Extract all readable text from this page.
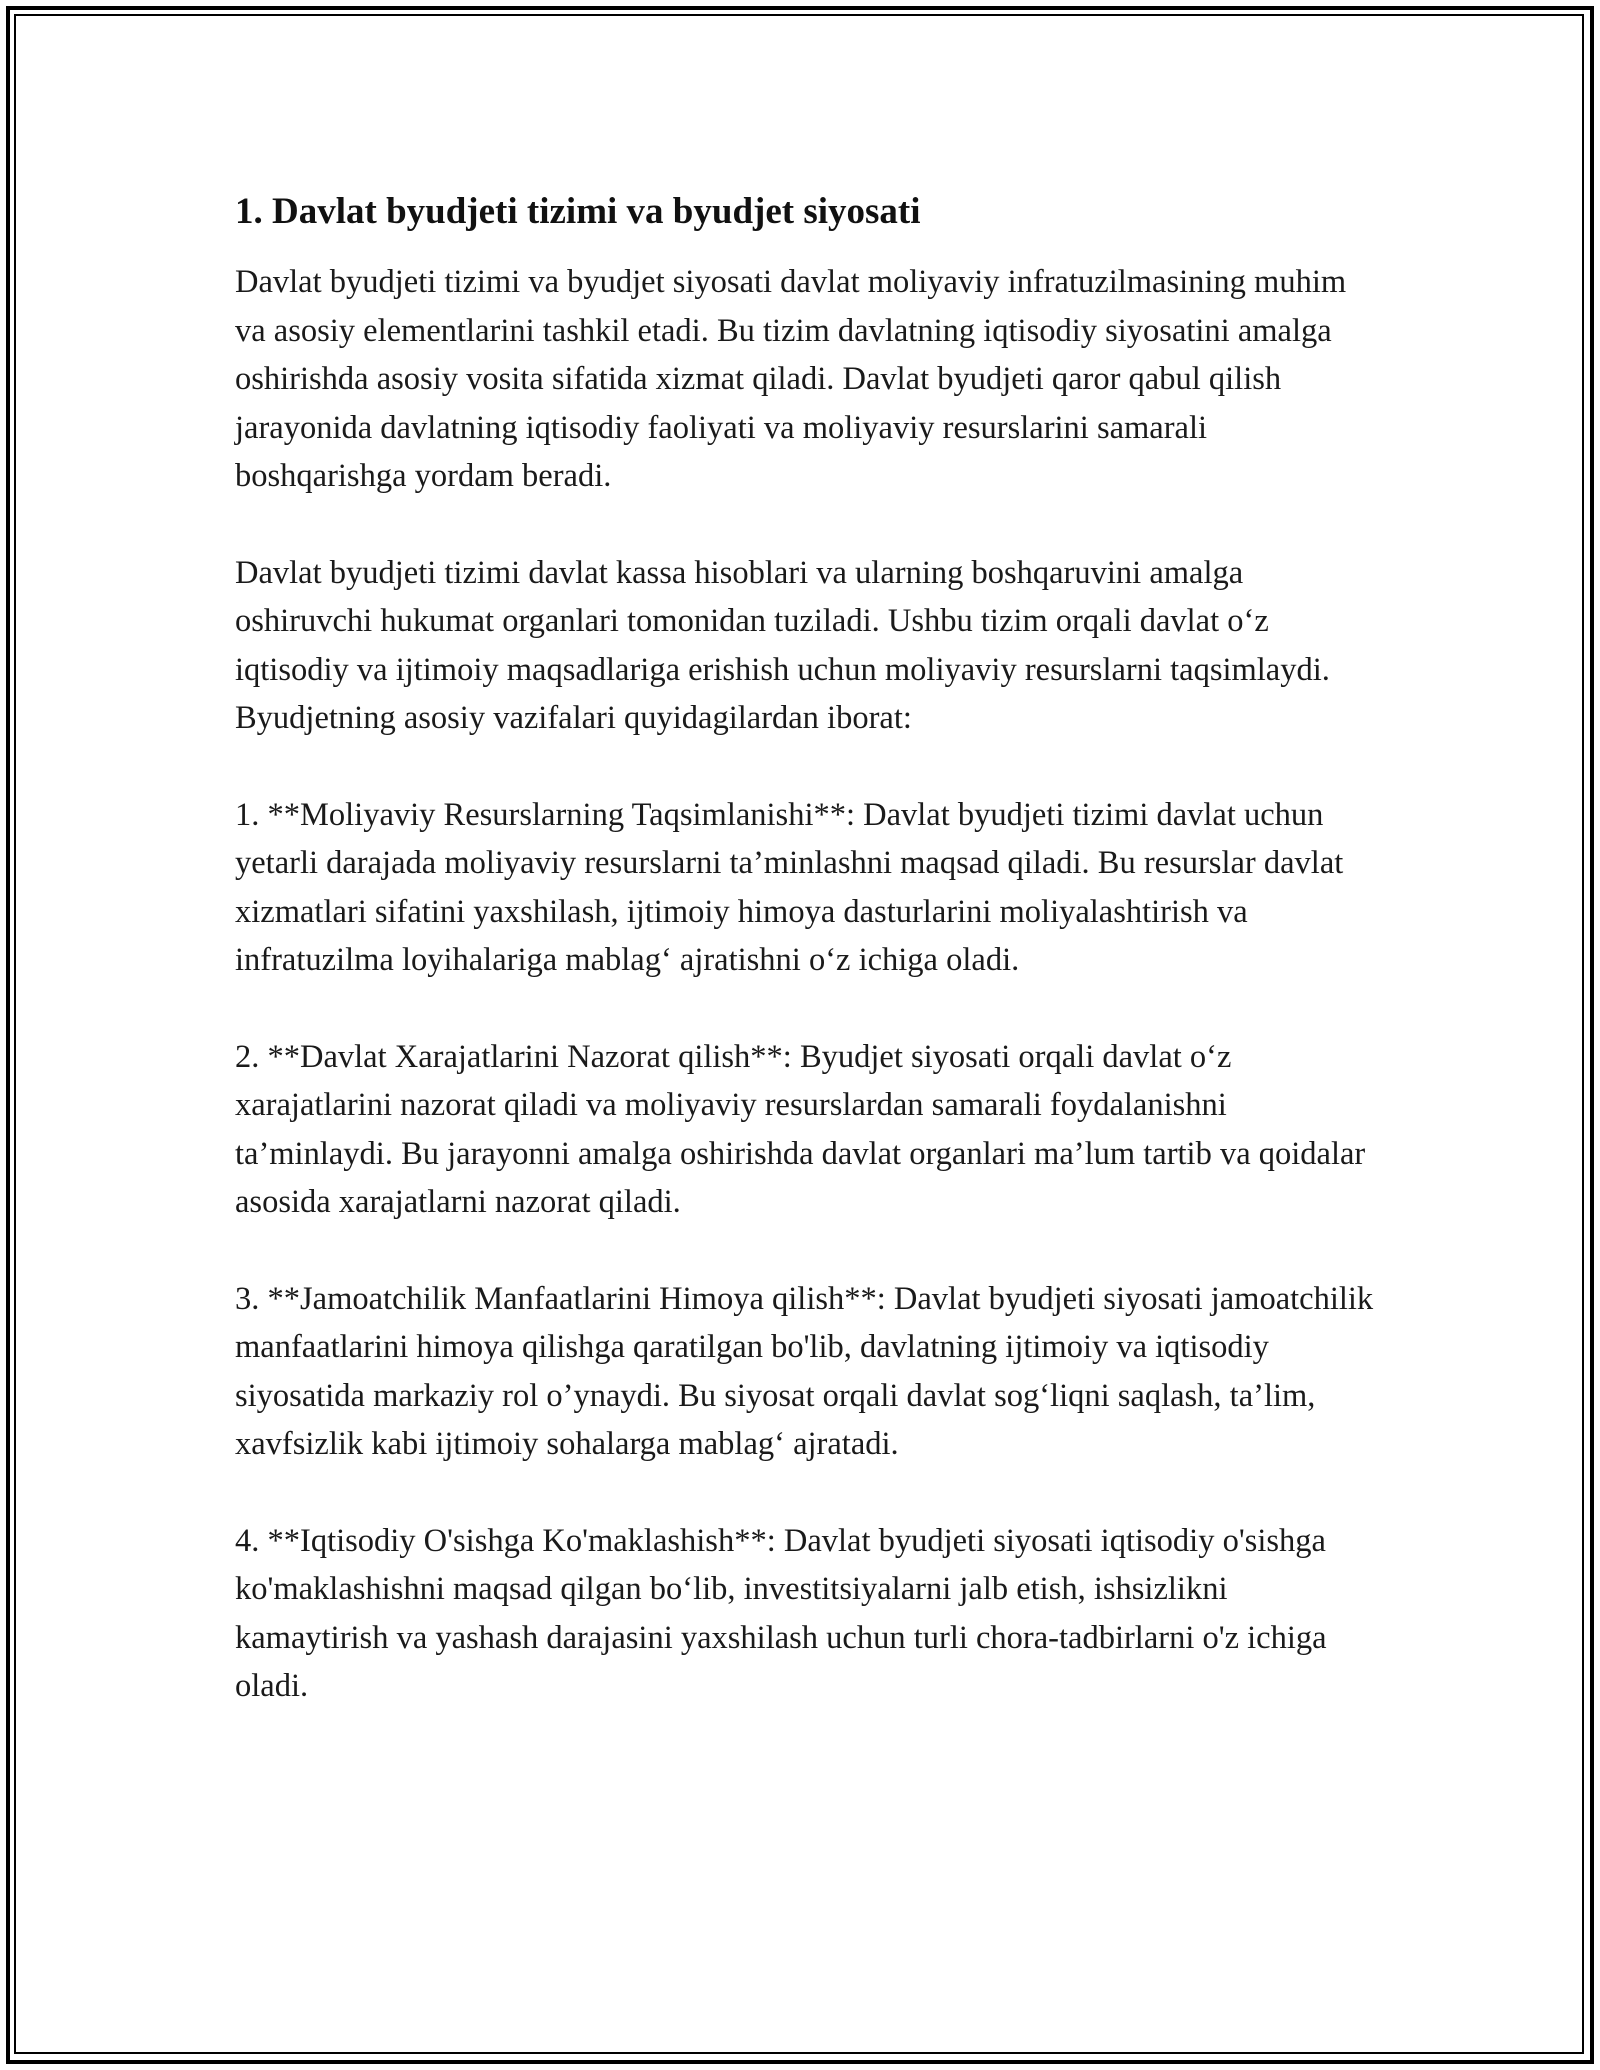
1. Davlat byudjeti tizimi va byudjet siyosati

Davlat byudjeti tizimi va byudjet siyosati davlat moliyaviy infratuzilmasining muhim va asosiy elementlarini tashkil etadi. Bu tizim davlatning iqtisodiy siyosatini amalga oshirishda asosiy vosita sifatida xizmat qiladi. Davlat byudjeti qaror qabul qilish jarayonida davlatning iqtisodiy faoliyati va moliyaviy resurslarini samarali boshqarishga yordam beradi.

Davlat byudjeti tizimi davlat kassa hisoblari va ularning boshqaruvini amalga oshiruvchi hukumat organlari tomonidan tuziladi. Ushbu tizim orqali davlat o‘z iqtisodiy va ijtimoiy maqsadlariga erishish uchun moliyaviy resurslarni taqsimlaydi. Byudjetning asosiy vazifalari quyidagilardan iborat:

1. **Moliyaviy Resurslarning Taqsimlanishi**: Davlat byudjeti tizimi davlat uchun yetarli darajada moliyaviy resurslarni ta’minlashni maqsad qiladi. Bu resurslar davlat xizmatlari sifatini yaxshilash, ijtimoiy himoya dasturlarini moliyalashtirish va infratuzilma loyihalariga mablag‘ ajratishni o‘z ichiga oladi.

2. **Davlat Xarajatlarini Nazorat qilish**: Byudjet siyosati orqali davlat o‘z xarajatlarini nazorat qiladi va moliyaviy resurslardan samarali foydalanishni ta’minlaydi. Bu jarayonni amalga oshirishda davlat organlari ma’lum tartib va qoidalar asosida xarajatlarni nazorat qiladi.

3. **Jamoatchilik Manfaatlarini Himoya qilish**: Davlat byudjeti siyosati jamoatchilik manfaatlarini himoya qilishga qaratilgan bo'lib, davlatning ijtimoiy va iqtisodiy siyosatida markaziy rol o’ynaydi. Bu siyosat orqali davlat sog‘liqni saqlash, ta’lim, xavfsizlik kabi ijtimoiy sohalarga mablag‘ ajratadi.

4. **Iqtisodiy O'sishga Ko'maklashish**: Davlat byudjeti siyosati iqtisodiy o'sishga ko'maklashishni maqsad qilgan bo‘lib, investitsiyalarni jalb etish, ishsizlikni kamaytirish va yashash darajasini yaxshilash uchun turli chora-tadbirlarni o'z ichiga oladi.
